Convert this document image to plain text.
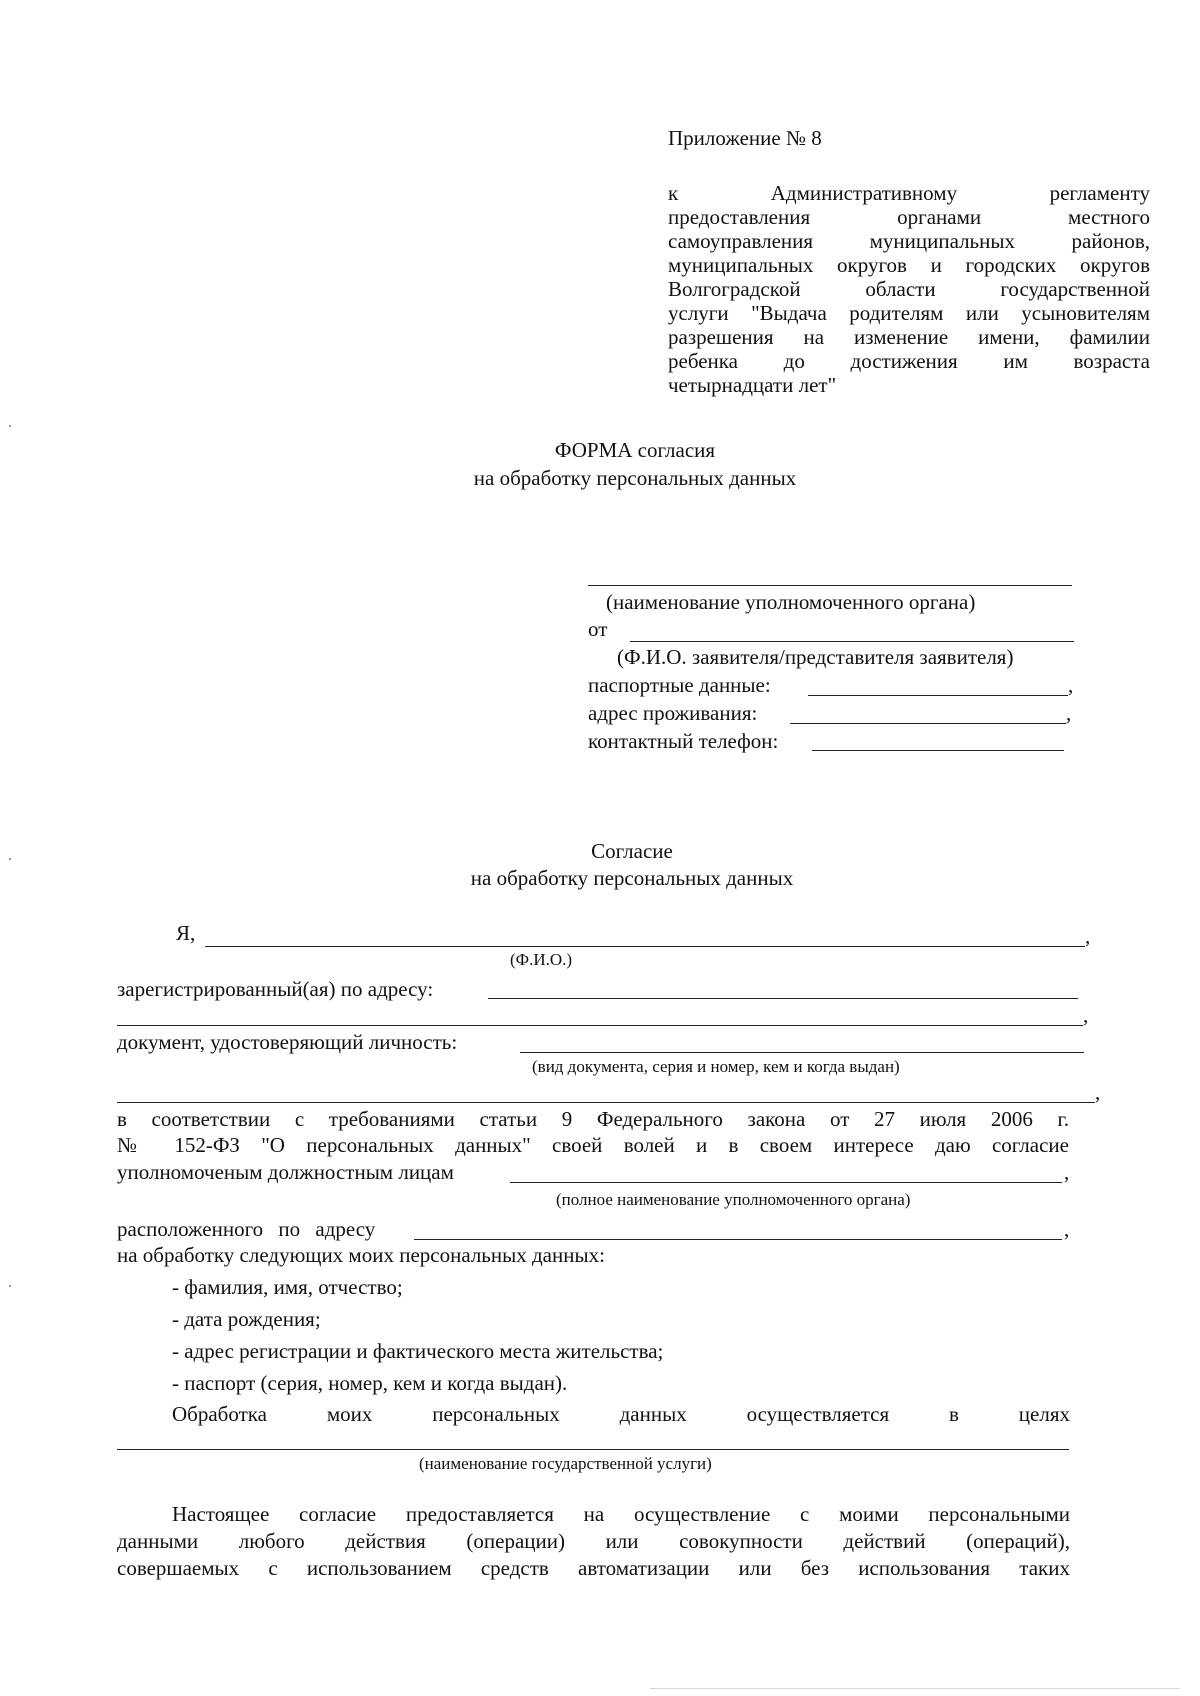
Приложение № 8
к Административному регламенту
предоставления органами местного
самоуправления муниципальных районов,
муниципальных округов и городских округов
Волгоградской области государственной
услуги "Выдача родителям или усыновителям
разрешения на изменение имени, фамилии
ребенка до достижения им возраста
четырнадцати лет"
ФОРМА согласия
на обработку персональных данных
(наименование уполномоченного органа)
от
(Ф.И.О. заявителя/представителя заявителя)
паспортные данные:	,
адрес проживания:	,
контактный телефон:
Согласие
на обработку персональных данных
Я,	,
(Ф.И.О.)
зарегистрированный(ая) по адресу:
,
документ, удостоверяющий личность:
(вид документа, серия и номер, кем и когда выдан)
,
в соответствии с требованиями статьи 9 Федерального закона от 27 июля 2006 г.
№ 152-ФЗ "О персональных данных" своей волей и в своем интересе даю согласие
уполномоченым должностным лицам	,
(полное наименование уполномоченного органа)
расположенного по адресу	,
на обработку следующих моих персональных данных:
- фамилия, имя, отчество;
- дата рождения;
- адрес регистрации и фактического места жительства;
- паспорт (серия, номер, кем и когда выдан).
Обработка моих персональных данных осуществляется в целях
(наименование государственной услуги)
Настоящее согласие предоставляется на осуществление с моими персональными
данными любого действия (операции) или совокупности действий (операций),
совершаемых с использованием средств автоматизации или без использования таких
